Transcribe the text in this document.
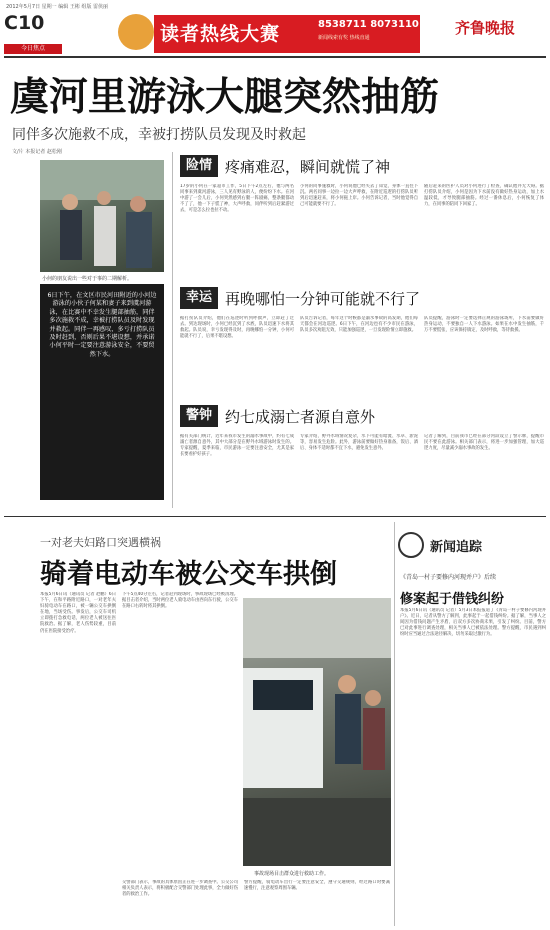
2012年5月7日 星期一 编辑 王彬 组版 雷侠丽
C10
今日焦点
读者热线大赛	8538711 8073110
新闻线索有奖 热线直通
齐鲁晚报
虞河里游泳大腿突然抽筋
同伴多次施救不成，幸被打捞队员发现及时救起
文/片 本报记者 赵松刚
小何的朋友说出一些对于事的二期解析。
6日下午，在文区市民河田附近的小河边游泳的小伙子何某和妻子来到虞河游泳，在比赛中不幸发生腿部抽筋，同伴多次施救不成，幸被打捞队员及时发现并救起。同伴一再感叹，多亏打捞队员及时赶到，否则后果不堪设想，并承诺小何平时一定要注意游泳安全，不要贸然下水。
险情 疼痛难忍，瞬间就慌了神
17岁的小何在一家超市工作，5日下午2点左右，他与两名同事来到虞河游泳，三人见有野泳的人，便纷纷下水。在河中游了一会儿后，小何突然感到右腿一阵剧痛，整条腿都动不了了，他一下子慌了神，大声呼救，同伴听到后赶紧游过去，可是怎么拉也拉不动。
小何的同事施救时，小何说他已经失去了知觉，身体一直往下沉。两名同事一边拉一边大声呼救，在附近巡逻的打捞队员听到后迅速赶来，将小何拖上岸。小何告诉记者，当时他觉得自己可能就要不行了。
随后赶来的医护人员对小何进行了检查，确认他并无大碍。据打捞队员介绍，小何是因为下水前没有做好热身运动，加上水温较低，才导致腿部抽筋。经过一番休息后，小何恢复了体力，在同事的陪同下回家了。
幸运 再晚哪怕一分钟可能就不行了
据打捞队员介绍，他们在巡逻时听到呼救声，立即赶了过去。到达现场时，小何已经沉到了水底，队员迅速下水将其救起。队员说，幸亏发现得及时，再晚哪怕一分钟，小何可能就不行了，后果不堪设想。
队员告诉记者，每年这个时候都是溺水事故的高发期，他们每天都会在河边巡逻。6日下午，在河边也有不少市民在游泳，队员多次劝阻无效，只能加强巡逻，一旦发现险情立即施救。
队员提醒，游泳时一定要选择正规的游泳场所，下水前要做好热身运动，不要独自一人下水游泳。如果在水中发生抽筋，千万不要慌张，应该保持镇定，及时呼救，等待救援。
警钟 约七成溺亡者源自意外
据有关部门统计，近年来我市发生的溺水事故中，约有七成溺亡者源自意外，其中大部分是在野外水域游泳时发生的。专家提醒，夏季来临，市民游泳一定要注意安全，尤其是家长要看护好孩子。
专家介绍，野外水域情况复杂，水下可能有暗流、水草、淤泥等，容易发生危险。此外，游泳前要做好热身准备，饭后、酒后、身体不适时都不宜下水，避免发生意外。
记者了解到，目前我市已经在部分河段设立了警示牌，提醒市民不要在此游泳。相关部门表示，将进一步加强管理，加大巡逻力度，尽量减少溺水事故的发生。
一对老夫妇路口突遇横祸
骑着电动车被公交车拱倒
本报5月6日讯（通讯员 记者 赵鹏）6日下午，在和平路附近路口，一对老年夫妇骑电动车在路口，被一辆公交车拱倒在地，当场受伤。事发后，公交车司机立即拨打急救电话，两位老人被送往医院救治。据了解，老人伤势较重，目前仍在医院接受治疗。
下午5点40分左右，记者赶到现场时，事故现场已经被清理。据目击者介绍，当时两位老人骑电动车由西向东行驶，公交车在路口右转时将其拱倒。
事故现场目击群众进行救助工作。
交警部门表示，事故的具体原因正在进一步调查中。公交公司相关负责人表示，将积极配合交警部门处理此事，全力做好伤者的救治工作。
警方提醒，骑电动车出行一定要注意安全，遵守交通规则，经过路口时要减速慢行，注意观察周围车辆。
新闻追踪
《青岛一村子要修内河现并户》后续
修案起于借钱纠纷
本报5月6日讯（通讯员 记者）5月3日本报报道了《青岛一村子要修内河现并户》。近日，记者从警方了解到，此事起于一起借钱纠纷。据了解，当事人之间因为借钱问题产生矛盾，后双方多次协商未果，引发了纠纷。目前，警方已对此事进行调查处理，相关当事人已被依法处理。警方提醒，市民遇到纠纷时应当通过合法途径解决，切勿采取过激行为。
